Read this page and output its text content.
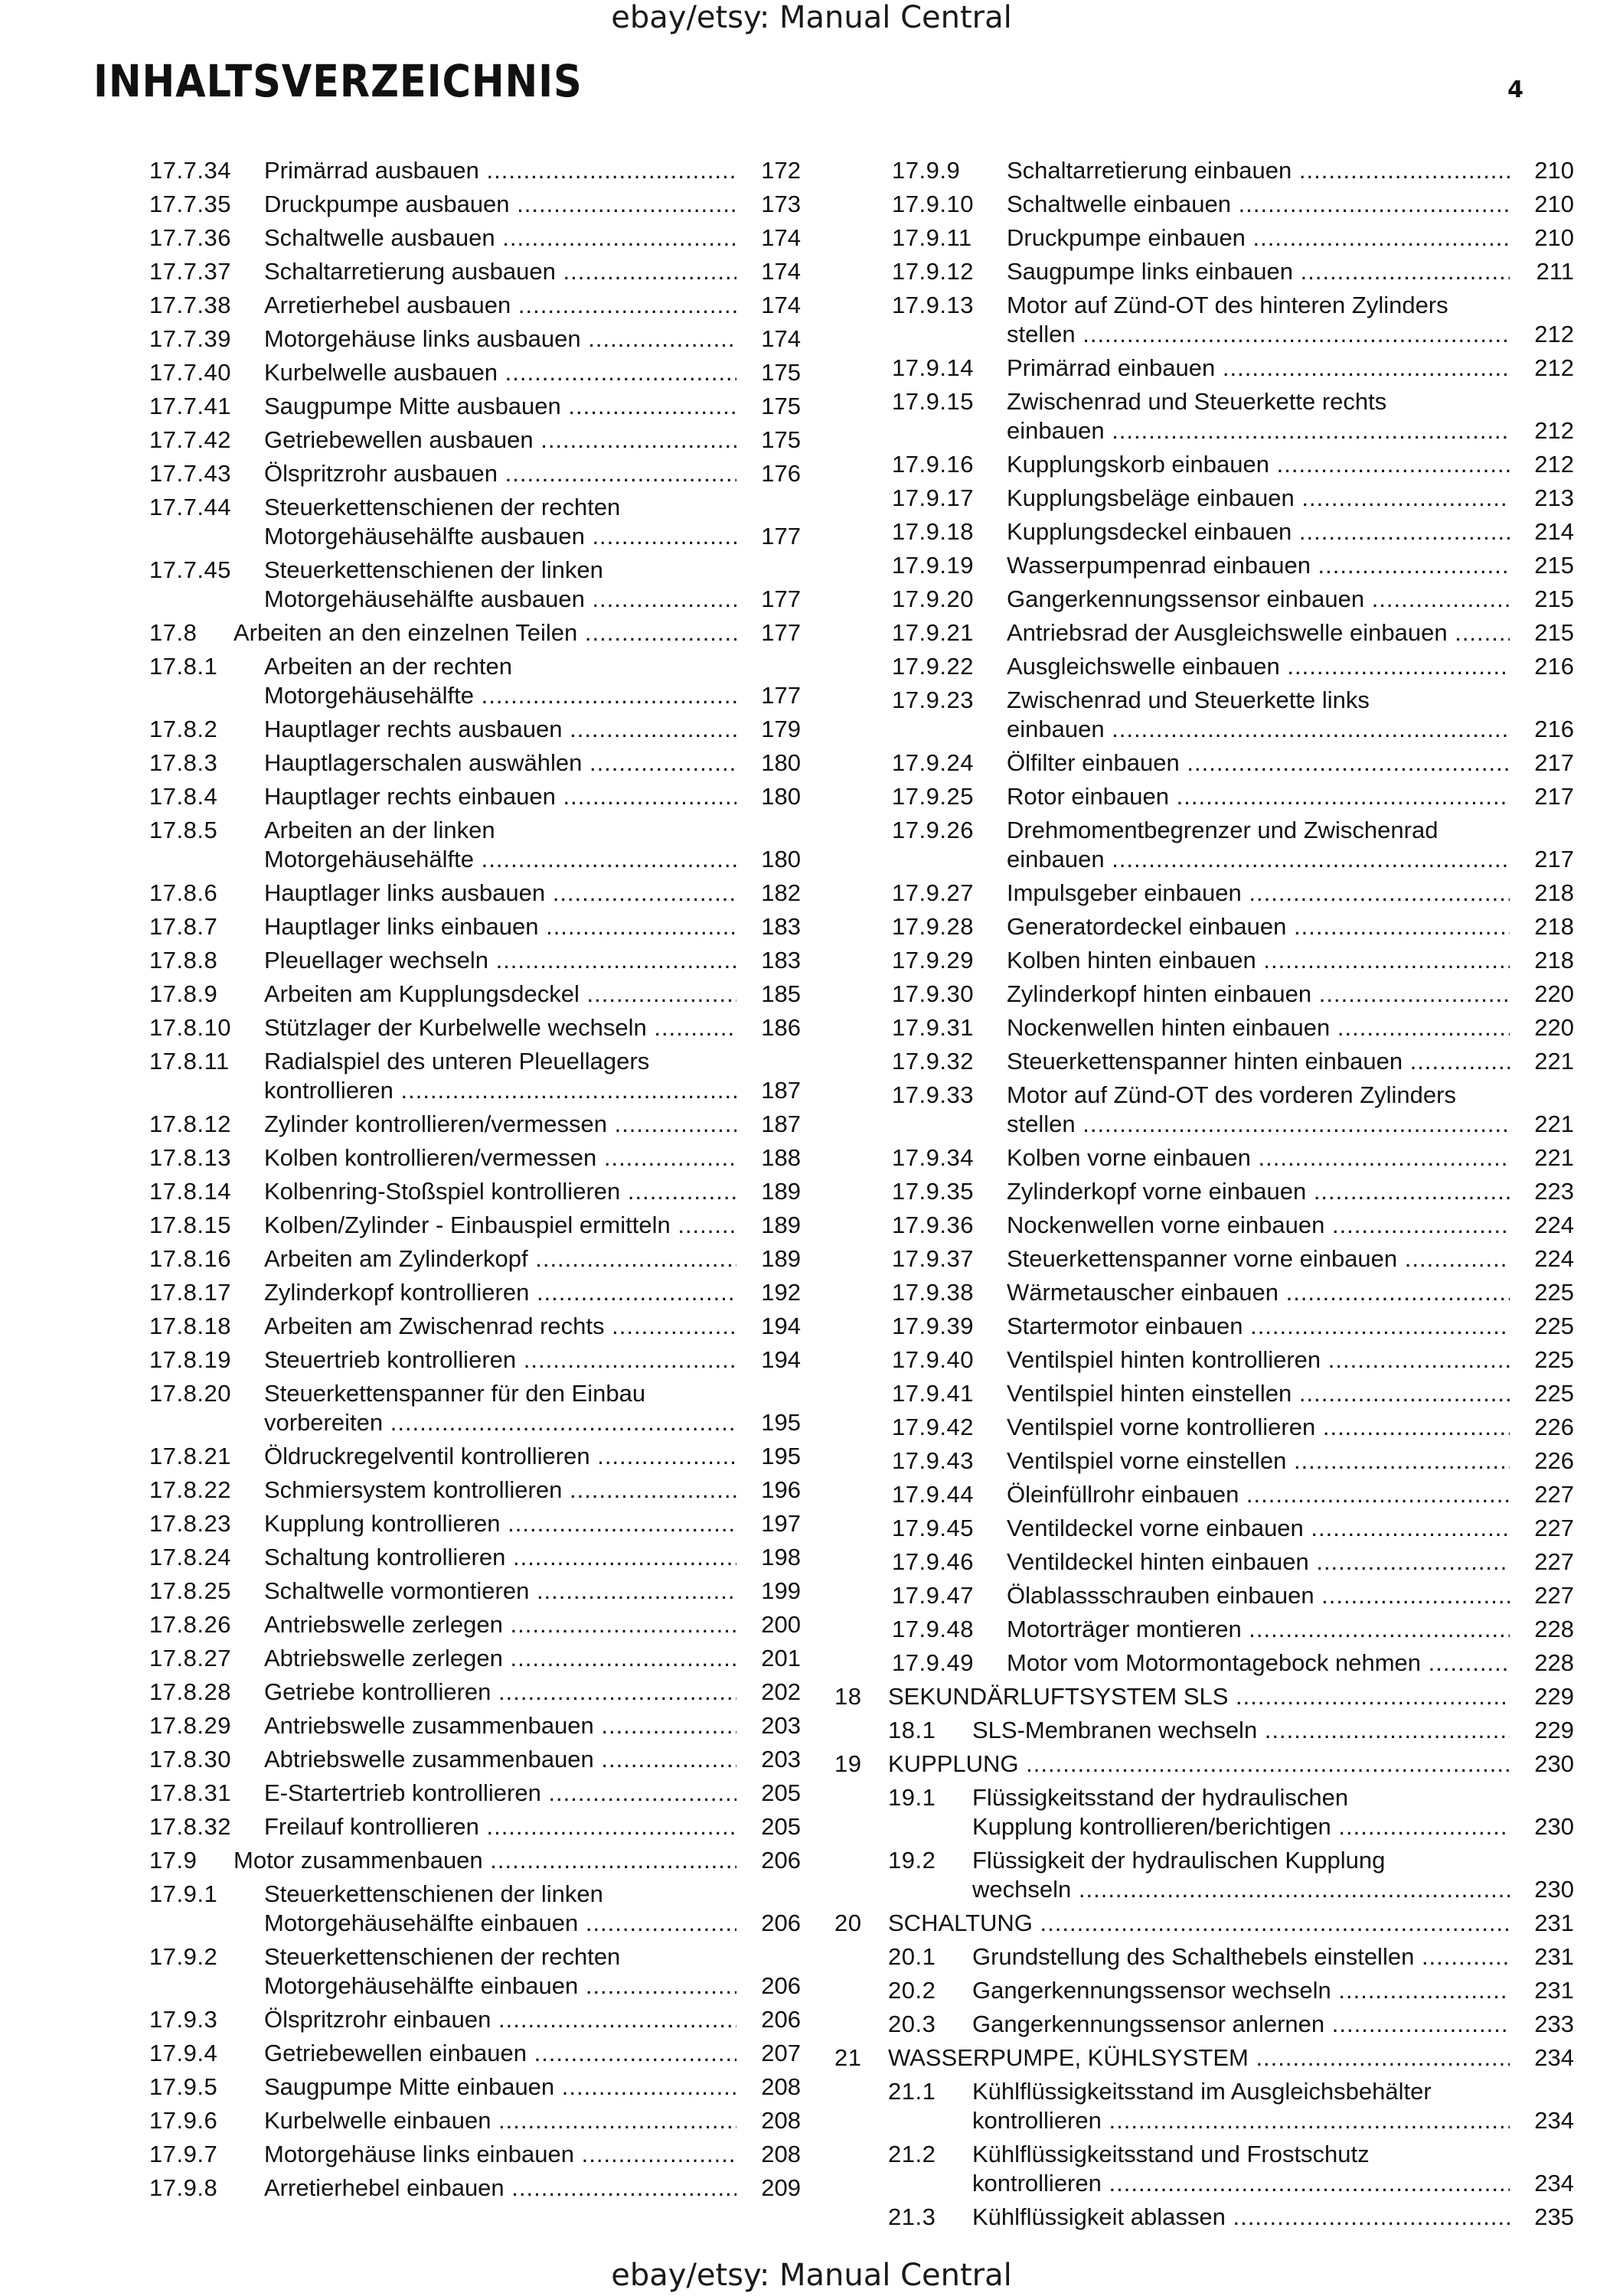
ebay/etsy: Manual Central
INHALTSVERZEICHNIS	4
17.7.34 Primärrad ausbauen .....	172
17.7.35 Druckpumpe ausbauen .....	173
17.7.36 Schaltwelle ausbauen .....	174
17.7.37 Schaltarretierung ausbauen .....	174
17.7.38 Arretierhebel ausbauen .....	174
17.7.39 Motorgehäuse links ausbauen .....	174
17.7.40 Kurbelwelle ausbauen .....	175
17.7.41 Saugpumpe Mitte ausbauen .....	175
17.7.42 Getriebewellen ausbauen .....	175
17.7.43 Ölspritzrohr ausbauen .....	176
17.7.44 Steuerkettenschienen der rechten
Motorgehäusehälfte ausbauen .....	177
17.7.45 Steuerkettenschienen der linken
Motorgehäusehälfte ausbauen .....	177
17.8 Arbeiten an den einzelnen Teilen .....	177
17.8.1 Arbeiten an der rechten
Motorgehäusehälfte .....	177
17.8.2 Hauptlager rechts ausbauen .....	179
17.8.3 Hauptlagerschalen auswählen .....	180
17.8.4 Hauptlager rechts einbauen .....	180
17.8.5 Arbeiten an der linken
Motorgehäusehälfte .....	180
17.8.6 Hauptlager links ausbauen .....	182
17.8.7 Hauptlager links einbauen .....	183
17.8.8 Pleuellager wechseln .....	183
17.8.9 Arbeiten am Kupplungsdeckel .....	185
17.8.10 Stützlager der Kurbelwelle wechseln .....	186
17.8.11 Radialspiel des unteren Pleuellagers
kontrollieren .....	187
17.8.12 Zylinder kontrollieren/vermessen .....	187
17.8.13 Kolben kontrollieren/vermessen .....	188
17.8.14 Kolbenring-Stoßspiel kontrollieren .....	189
17.8.15 Kolben/Zylinder - Einbauspiel ermitteln .....	189
17.8.16 Arbeiten am Zylinderkopf .....	189
17.8.17 Zylinderkopf kontrollieren .....	192
17.8.18 Arbeiten am Zwischenrad rechts .....	194
17.8.19 Steuertrieb kontrollieren .....	194
17.8.20 Steuerkettenspanner für den Einbau
vorbereiten .....	195
17.8.21 Öldruckregelventil kontrollieren .....	195
17.8.22 Schmiersystem kontrollieren .....	196
17.8.23 Kupplung kontrollieren .....	197
17.8.24 Schaltung kontrollieren .....	198
17.8.25 Schaltwelle vormontieren .....	199
17.8.26 Antriebswelle zerlegen .....	200
17.8.27 Abtriebswelle zerlegen .....	201
17.8.28 Getriebe kontrollieren .....	202
17.8.29 Antriebswelle zusammenbauen .....	203
17.8.30 Abtriebswelle zusammenbauen .....	203
17.8.31 E-Startertrieb kontrollieren .....	205
17.8.32 Freilauf kontrollieren .....	205
17.9 Motor zusammenbauen .....	206
17.9.1 Steuerkettenschienen der linken
Motorgehäusehälfte einbauen .....	206
17.9.2 Steuerkettenschienen der rechten
Motorgehäusehälfte einbauen .....	206
17.9.3 Ölspritzrohr einbauen .....	206
17.9.4 Getriebewellen einbauen .....	207
17.9.5 Saugpumpe Mitte einbauen .....	208
17.9.6 Kurbelwelle einbauen .....	208
17.9.7 Motorgehäuse links einbauen .....	208
17.9.8 Arretierhebel einbauen .....	209
17.9.9 Schaltarretierung einbauen .....	210
17.9.10 Schaltwelle einbauen .....	210
17.9.11 Druckpumpe einbauen .....	210
17.9.12 Saugpumpe links einbauen .....	211
17.9.13 Motor auf Zünd-OT des hinteren Zylinders
stellen .....	212
17.9.14 Primärrad einbauen .....	212
17.9.15 Zwischenrad und Steuerkette rechts
einbauen .....	212
17.9.16 Kupplungskorb einbauen .....	212
17.9.17 Kupplungsbeläge einbauen .....	213
17.9.18 Kupplungsdeckel einbauen .....	214
17.9.19 Wasserpumpenrad einbauen .....	215
17.9.20 Gangerkennungssensor einbauen .....	215
17.9.21 Antriebsrad der Ausgleichswelle einbauen .....	215
17.9.22 Ausgleichswelle einbauen .....	216
17.9.23 Zwischenrad und Steuerkette links
einbauen .....	216
17.9.24 Ölfilter einbauen .....	217
17.9.25 Rotor einbauen .....	217
17.9.26 Drehmomentbegrenzer und Zwischenrad
einbauen .....	217
17.9.27 Impulsgeber einbauen .....	218
17.9.28 Generatordeckel einbauen .....	218
17.9.29 Kolben hinten einbauen .....	218
17.9.30 Zylinderkopf hinten einbauen .....	220
17.9.31 Nockenwellen hinten einbauen .....	220
17.9.32 Steuerkettenspanner hinten einbauen .....	221
17.9.33 Motor auf Zünd-OT des vorderen Zylinders
stellen .....	221
17.9.34 Kolben vorne einbauen .....	221
17.9.35 Zylinderkopf vorne einbauen .....	223
17.9.36 Nockenwellen vorne einbauen .....	224
17.9.37 Steuerkettenspanner vorne einbauen .....	224
17.9.38 Wärmetauscher einbauen .....	225
17.9.39 Startermotor einbauen .....	225
17.9.40 Ventilspiel hinten kontrollieren .....	225
17.9.41 Ventilspiel hinten einstellen .....	225
17.9.42 Ventilspiel vorne kontrollieren .....	226
17.9.43 Ventilspiel vorne einstellen .....	226
17.9.44 Öleinfüllrohr einbauen .....	227
17.9.45 Ventildeckel vorne einbauen .....	227
17.9.46 Ventildeckel hinten einbauen .....	227
17.9.47 Ölablassschrauben einbauen .....	227
17.9.48 Motorträger montieren .....	228
17.9.49 Motor vom Motormontagebock nehmen .....	228
18 SEKUNDÄRLUFTSYSTEM SLS .....	229
18.1 SLS-Membranen wechseln .....	229
19 KUPPLUNG .....	230
19.1 Flüssigkeitsstand der hydraulischen
Kupplung kontrollieren/berichtigen .....	230
19.2 Flüssigkeit der hydraulischen Kupplung
wechseln .....	230
20 SCHALTUNG .....	231
20.1 Grundstellung des Schalthebels einstellen .....	231
20.2 Gangerkennungssensor wechseln .....	231
20.3 Gangerkennungssensor anlernen .....	233
21 WASSERPUMPE, KÜHLSYSTEM .....	234
21.1 Kühlflüssigkeitsstand im Ausgleichsbehälter
kontrollieren .....	234
21.2 Kühlflüssigkeitsstand und Frostschutz
kontrollieren .....	234
21.3 Kühlflüssigkeit ablassen .....	235
ebay/etsy: Manual Central
